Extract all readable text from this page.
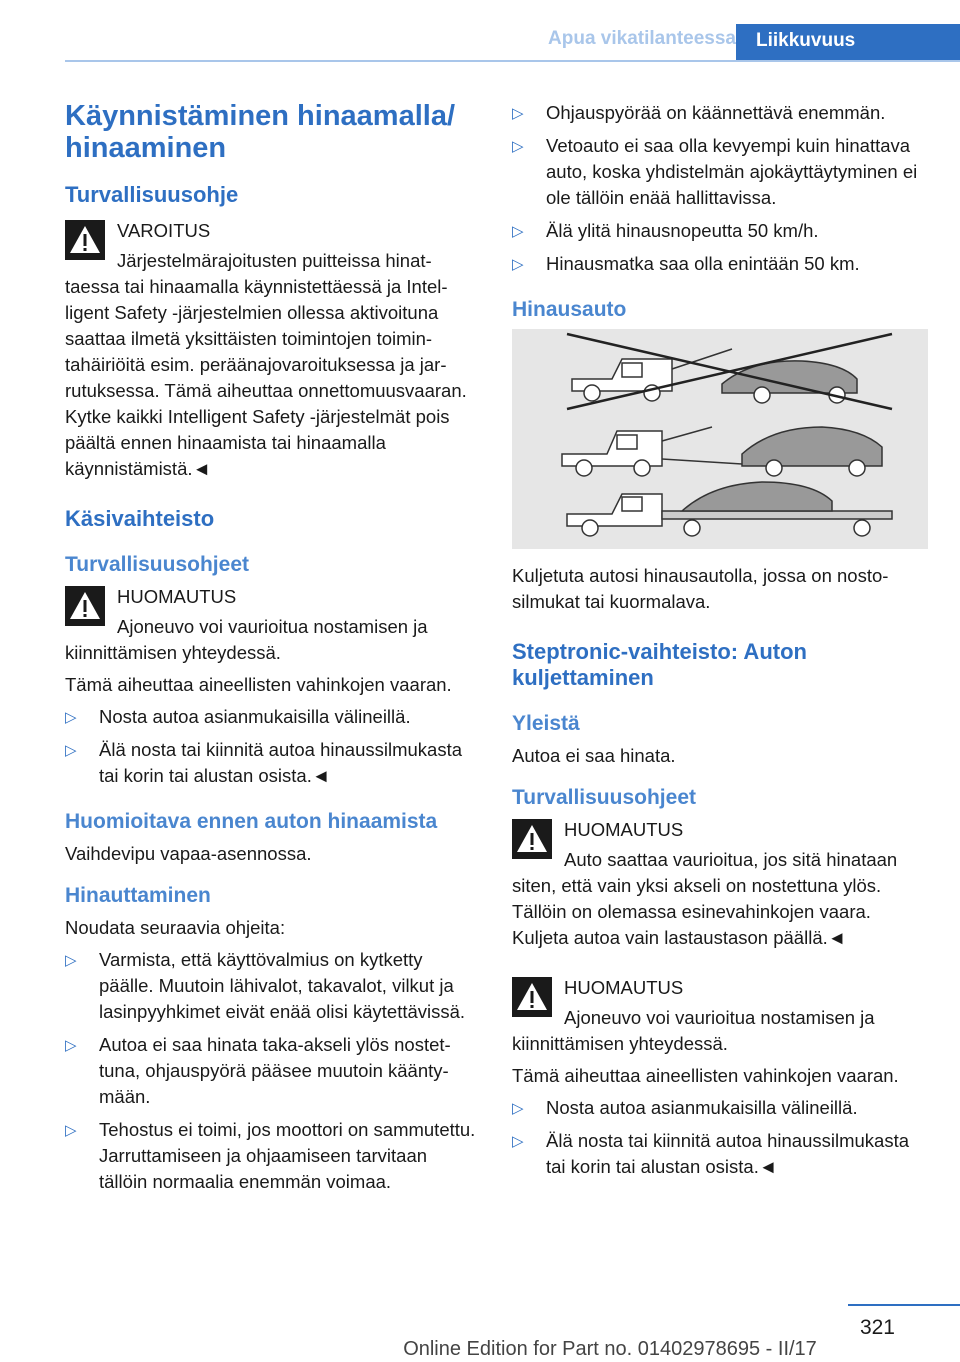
Apua vikatilanteessa	Liikkuvuus
Käynnistäminen hinaamalla/
hinaaminen
Turvallisuusohje
VAROITUS
Järjestelmärajoitusten puitteissa hinattaessa tai hinaamalla käynnistettäessä ja Intelligent Safety -järjestelmien ollessa aktivoituna saattaa ilmetä yksittäisten toimintojen toimintahäiriöitä esim. peräänajovaroituksessa ja jarrutuksessa. Tämä aiheuttaa onnettomuusvaaran. Kytke kaikki Intelligent Safety -järjestelmät pois päältä ennen hinaamista tai hinaamalla käynnistämistä.◄
Käsivaihteisto
Turvallisuusohjeet
HUOMAUTUS
Ajoneuvo voi vaurioitua nostamisen ja kiinnittämisen yhteydessä.
Tämä aiheuttaa aineellisten vahinkojen vaaran.
▷ Nosta autoa asianmukaisilla välineillä.
▷ Älä nosta tai kiinnitä autoa hinaussilmukasta tai korin tai alustan osista.◄
Huomioitava ennen auton hinaamista
Vaihdevipu vapaa-asennossa.
Hinauttaminen
Noudata seuraavia ohjeita:
▷ Varmista, että käyttövalmius on kytketty päälle. Muutoin lähivalot, takavalot, vilkut ja lasinpyyhkimet eivät enää olisi käytettävissä.
▷ Autoa ei saa hinata taka-akseli ylös nostettuna, ohjauspyörä pääsee muutoin kääntymään.
▷ Tehostus ei toimi, jos moottori on sammutettu. Jarruttamiseen ja ohjaamiseen tarvitaan tällöin normaalia enemmän voimaa.
▷ Ohjauspyörää on käännettävä enemmän.
▷ Vetoauto ei saa olla kevyempi kuin hinattava auto, koska yhdistelmän ajokäyttäytyminen ei ole tällöin enää hallittavissa.
▷ Älä ylitä hinausnopeutta 50 km/h.
▷ Hinausmatka saa olla enintään 50 km.
Hinausauto
Kuljetuta autosi hinausautolla, jossa on nostosilmukat tai kuormalava.
Steptronic-vaihteisto: Auton kuljettaminen
Yleistä
Autoa ei saa hinata.
Turvallisuusohjeet
HUOMAUTUS
Auto saattaa vaurioitua, jos sitä hinataan siten, että vain yksi akseli on nostettuna ylös. Tällöin on olemassa esinevahinkojen vaara. Kuljeta autoa vain lastaustason päällä.◄
HUOMAUTUS
Ajoneuvo voi vaurioitua nostamisen ja kiinnittämisen yhteydessä.
Tämä aiheuttaa aineellisten vahinkojen vaaran.
▷ Nosta autoa asianmukaisilla välineillä.
▷ Älä nosta tai kiinnitä autoa hinaussilmukasta tai korin tai alustan osista.◄
321
Online Edition for Part no. 01402978695 - II/17
